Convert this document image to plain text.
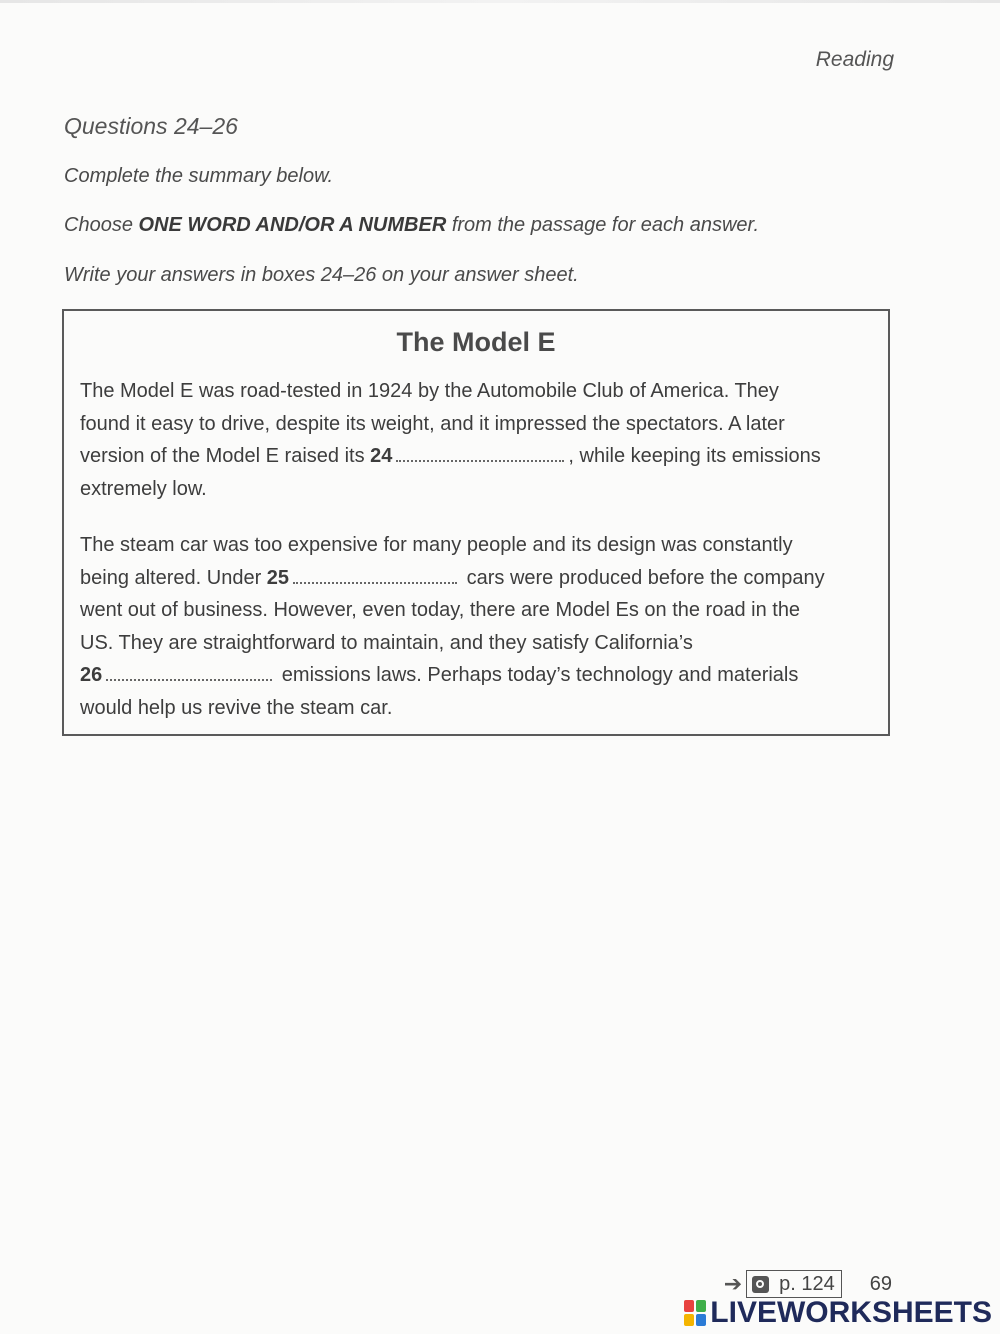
Reading
Questions 24–26
Complete the summary below.
Choose ONE WORD AND/OR A NUMBER from the passage for each answer.
Write your answers in boxes 24–26 on your answer sheet.
The Model E
The Model E was road-tested in 1924 by the Automobile Club of America. They
found it easy to drive, despite its weight, and it impressed the spectators. A later
version of the Model E raised its 24	, while keeping its emissions
extremely low.
The steam car was too expensive for many people and its design was constantly
being altered. Under 25	cars were produced before the company
went out of business. However, even today, there are Model Es on the road in the
US. They are straightforward to maintain, and they satisfy California’s
26	emissions laws. Perhaps today’s technology and materials
would help us revive the steam car.
➔ p. 124 69
LIVEWORKSHEETS
